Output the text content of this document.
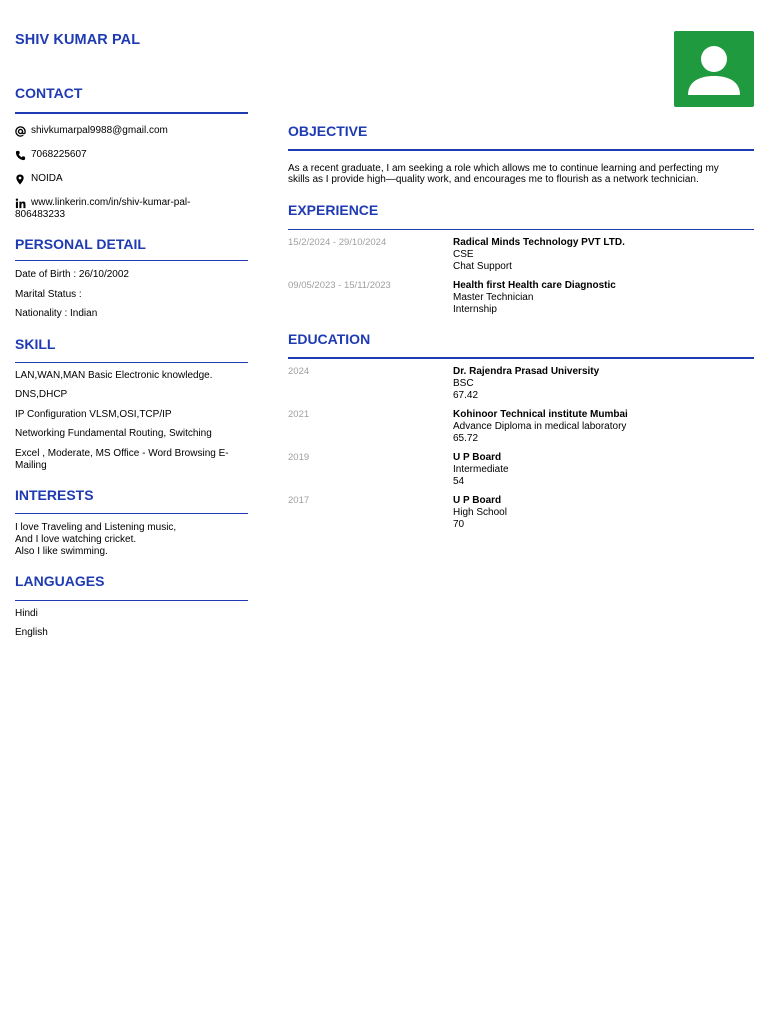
SHIV KUMAR PAL
CONTACT
shivkumarpal9988@gmail.com
7068225607
NOIDA
www.linkerin.com/in/shiv-kumar-pal-
806483233
PERSONAL DETAIL
Date of Birth : 26/10/2002
Marital Status :
Nationality : Indian
SKILL
LAN,WAN,MAN Basic Electronic knowledge.
DNS,DHCP
IP Configuration VLSM,OSI,TCP/IP
Networking Fundamental Routing, Switching
Excel , Moderate, MS Office - Word Browsing E-
Mailing
INTERESTS
I love Traveling and Listening music,
And I love watching cricket.
Also I like swimming.
LANGUAGES
Hindi
English
OBJECTIVE
As a recent graduate, I am seeking a role which allows me to continue learning and perfecting my
skills as I provide high—quality work, and encourages me to flourish as a network technician.
EXPERIENCE
15/2/2024 - 29/10/2024	Radical Minds Technology PVT LTD.
CSE
Chat Support
09/05/2023 - 15/11/2023	Health first Health care Diagnostic
Master Technician
Internship
EDUCATION
2024	Dr. Rajendra Prasad University
BSC
67.42
2021	Kohinoor Technical institute Mumbai
Advance Diploma in medical laboratory
65.72
2019	U P Board
Intermediate
54
2017	U P Board
High School
70
